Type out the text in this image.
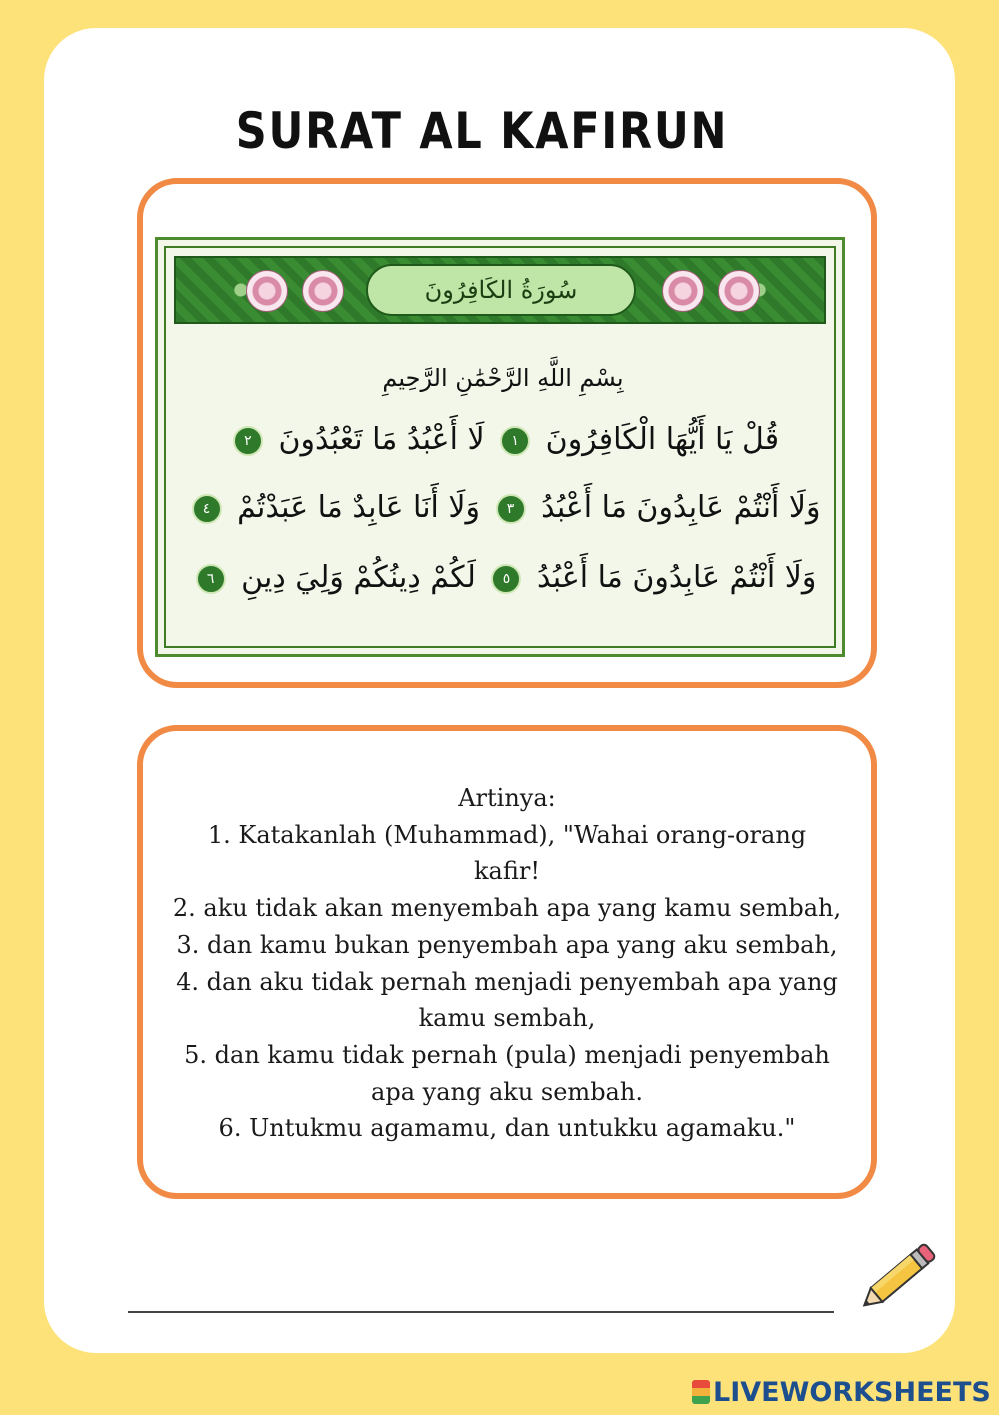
SURAT AL KAFIRUN
سُورَةُ الكَافِرُونَ
بِسْمِ اللَّهِ الرَّحْمَٰنِ الرَّحِيمِ
قُلْ يَا أَيُّهَا الْكَافِرُونَ ١ لَا أَعْبُدُ مَا تَعْبُدُونَ ٢
وَلَا أَنْتُمْ عَابِدُونَ مَا أَعْبُدُ ٣ وَلَا أَنَا عَابِدٌ مَا عَبَدْتُمْ ٤
وَلَا أَنْتُمْ عَابِدُونَ مَا أَعْبُدُ ٥ لَكُمْ دِينُكُمْ وَلِيَ دِينِ ٦
Artinya:
1. Katakanlah (Muhammad), "Wahai orang-orang
kafir!
2. aku tidak akan menyembah apa yang kamu sembah,
3. dan kamu bukan penyembah apa yang aku sembah,
4. dan aku tidak pernah menjadi penyembah apa yang
kamu sembah,
5. dan kamu tidak pernah (pula) menjadi penyembah
apa yang aku sembah.
6. Untukmu agamamu, dan untukku agamaku."
LIVEWORKSHEETS
